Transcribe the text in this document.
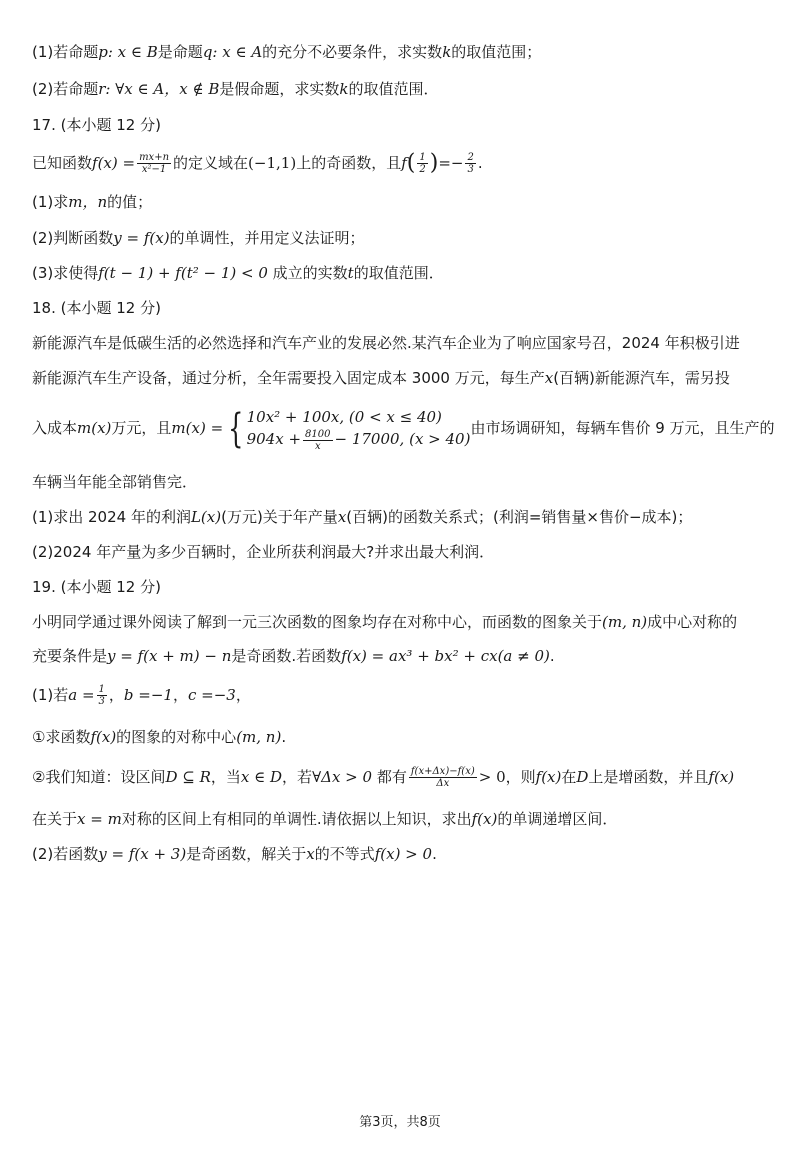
(1)若命题p: x ∈ B是命题q: x ∈ A的充分不必要条件，求实数k的取值范围；
(2)若命题r: ∀x ∈ A，x ∉ B是假命题，求实数k的取值范围．
17. (本小题 12 分)
已知函数$f(x) = \frac{mx+n}{\text{x²−1}}$ 的定义域在(−1,1)上的奇函数，且$f( \frac{1}{2}$ )=− $\frac{2}{3}$ .
(1)求m，n的值；
(2)判断函数y = f(x)的单调性，并用定义法证明；
(3)求使得f(t − 1) + f(t² − 1) < 0 成立的实数t的取值范围．
18. (本小题 12 分)
新能源汽车是低碳生活的必然选择和汽车产业的发展必然.某汽车企业为了响应国家号召，2024 年积极引进
新能源汽车生产设备，通过分析，全年需要投入固定成本 3000 万元，每生产x(百辆)新能源汽车，需另投
入成本m(x)万元，且m(x) = { 10x² + 100x, (0 < x ≤ 40)
$904x + \frac{8100}{x} - 17000$, (x > 40)
由市场调研知，每辆车售价 9 万元，且生产的
车辆当年能全部销售完．
(1)求出 2024 年的利润L(x)(万元)关于年产量x(百辆)的函数关系式；(利润=销售量×售价−成本)；
(2)2024 年产量为多少百辆时，企业所获利润最大?并求出最大利润．
19. (本小题 12 分)
小明同学通过课外阅读了解到一元三次函数的图象均存在对称中心，而函数的图象关于(m, n)成中心对称的
充要条件是y = f(x + m) − n是奇函数.若函数f(x) = ax³ + bx² + cx(a ≠ 0).
(1)若$a = \frac{1}{3}$ ，b =−1，c =−3，
①求函数f(x)的图象的对称中心(m, n).
②我们知道：设区间D ⊆ R，当x ∈ D，若∀Δx > 0 都有 $\frac{f(x+\Delta x)-f(x)}{\Delta x} > 0$，则f(x)在D上是增函数，并且f(x)
在关于x = m对称的区间上有相同的单调性.请依据以上知识，求出f(x)的单调递增区间．
(2)若函数y = f(x + 3)是奇函数，解关于x的不等式f(x) > 0.
第3页，共8页
